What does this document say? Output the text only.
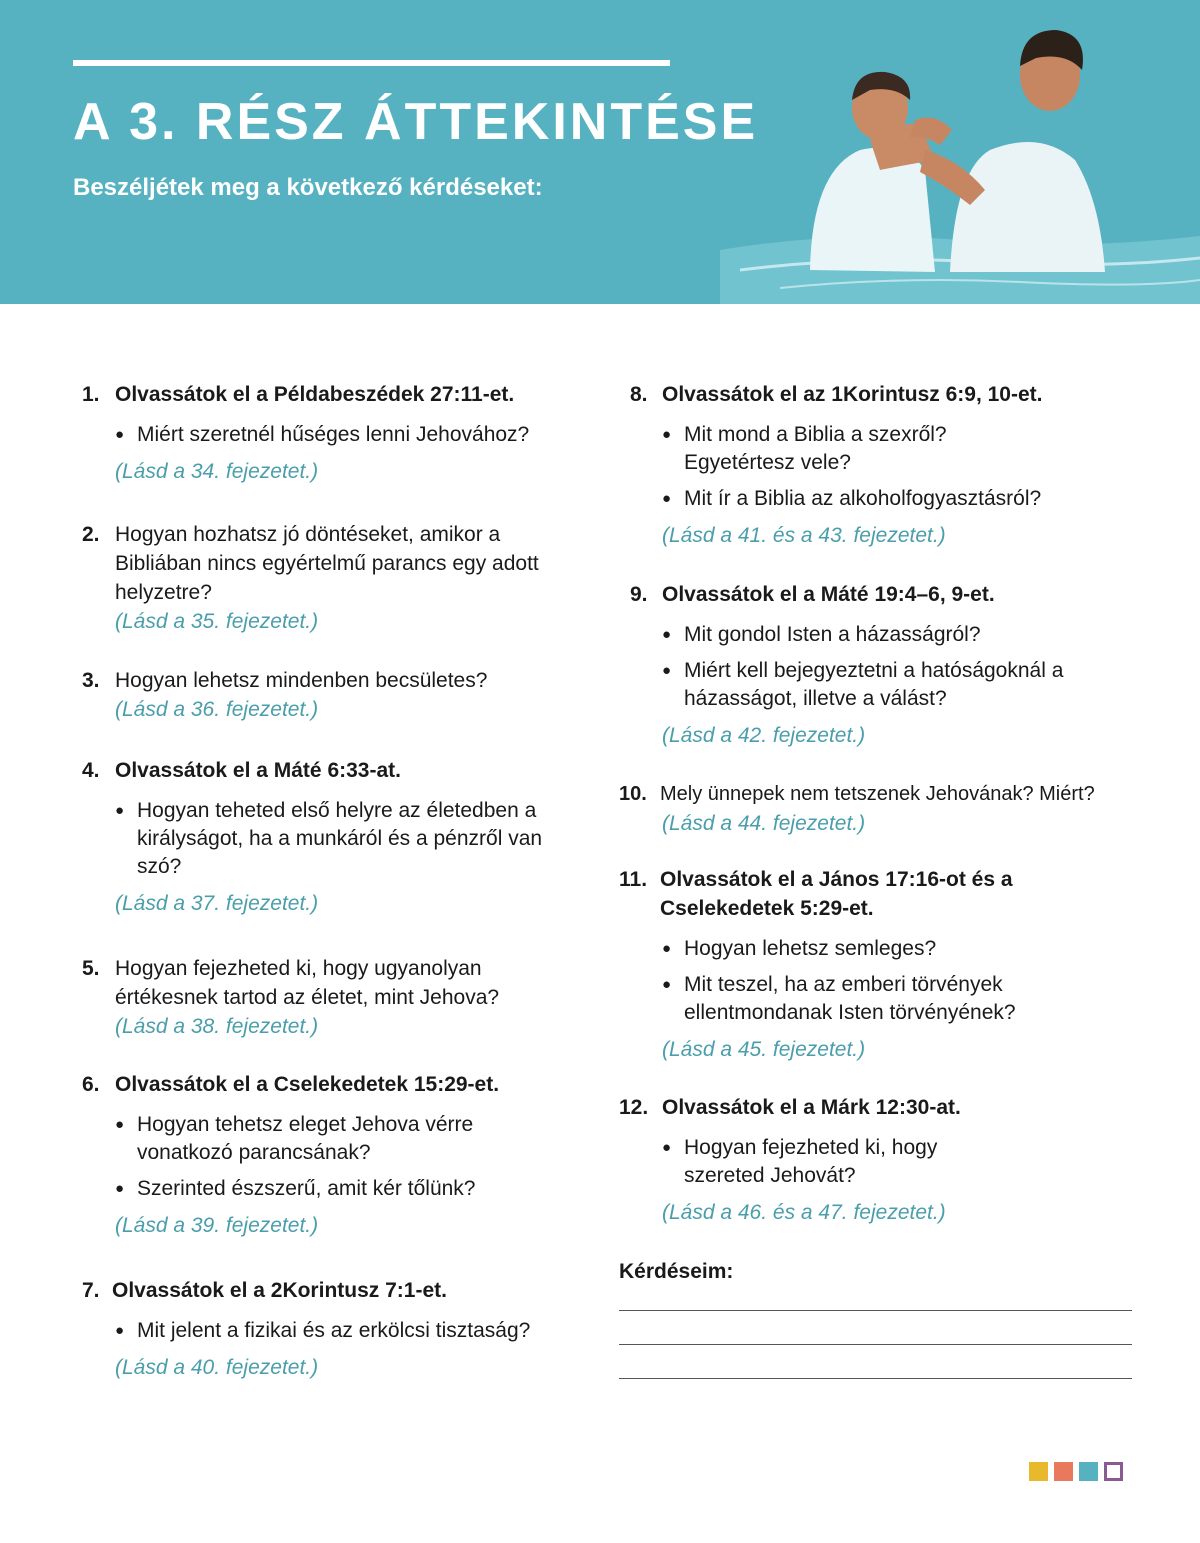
A 3. RÉSZ ÁTTEKINTÉSE
Beszéljétek meg a következő kérdéseket:
1. Olvassátok el a Példabeszédek 27:11-et.
● Miért szeretnél hűséges lenni Jehovához?
(Lásd a 34. fejezetet.)
2. Hogyan hozhatsz jó döntéseket, amikor a Bibliában nincs egyértelmű parancs egy adott helyzetre?
(Lásd a 35. fejezetet.)
3. Hogyan lehetsz mindenben becsületes?
(Lásd a 36. fejezetet.)
4. Olvassátok el a Máté 6:33-at.
● Hogyan teheted első helyre az életedben a királyságot, ha a munkáról és a pénzről van szó?
(Lásd a 37. fejezetet.)
5. Hogyan fejezheted ki, hogy ugyanolyan értékesnek tartod az életet, mint Jehova?
(Lásd a 38. fejezetet.)
6. Olvassátok el a Cselekedetek 15:29-et.
● Hogyan tehetsz eleget Jehova vérre vonatkozó parancsának?
● Szerinted észszerű, amit kér tőlünk?
(Lásd a 39. fejezetet.)
7. Olvassátok el a 2Korintusz 7:1-et.
● Mit jelent a fizikai és az erkölcsi tisztaság?
(Lásd a 40. fejezetet.)
8. Olvassátok el az 1Korintusz 6:9, 10-et.
● Mit mond a Biblia a szexről? Egyetértesz vele?
● Mit ír a Biblia az alkoholfogyasztásról?
(Lásd a 41. és a 43. fejezetet.)
9. Olvassátok el a Máté 19:4–6, 9-et.
● Mit gondol Isten a házasságról?
● Miért kell bejegyeztetni a hatóságoknál a házasságot, illetve a válást?
(Lásd a 42. fejezetet.)
10. Mely ünnepek nem tetszenek Jehovának? Miért?
(Lásd a 44. fejezetet.)
11. Olvassátok el a János 17:16-ot és a Cselekedetek 5:29-et.
● Hogyan lehetsz semleges?
● Mit teszel, ha az emberi törvények ellentmondanak Isten törvényének?
(Lásd a 45. fejezetet.)
12. Olvassátok el a Márk 12:30-at.
● Hogyan fejezheted ki, hogy szereted Jehovát?
(Lásd a 46. és a 47. fejezetet.)
Kérdéseim:
